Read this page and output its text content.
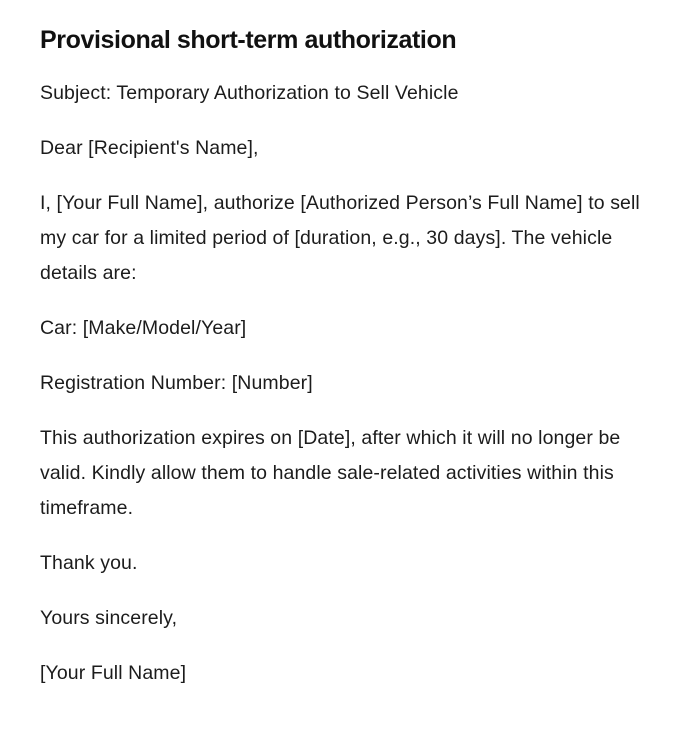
Provisional short-term authorization

Subject: Temporary Authorization to Sell Vehicle

Dear [Recipient's Name],

I, [Your Full Name], authorize [Authorized Person’s Full Name] to sell my car for a limited period of [duration, e.g., 30 days]. The vehicle details are:

Car: [Make/Model/Year]

Registration Number: [Number]

This authorization expires on [Date], after which it will no longer be valid. Kindly allow them to handle sale-related activities within this timeframe.

Thank you.

Yours sincerely,

[Your Full Name]
